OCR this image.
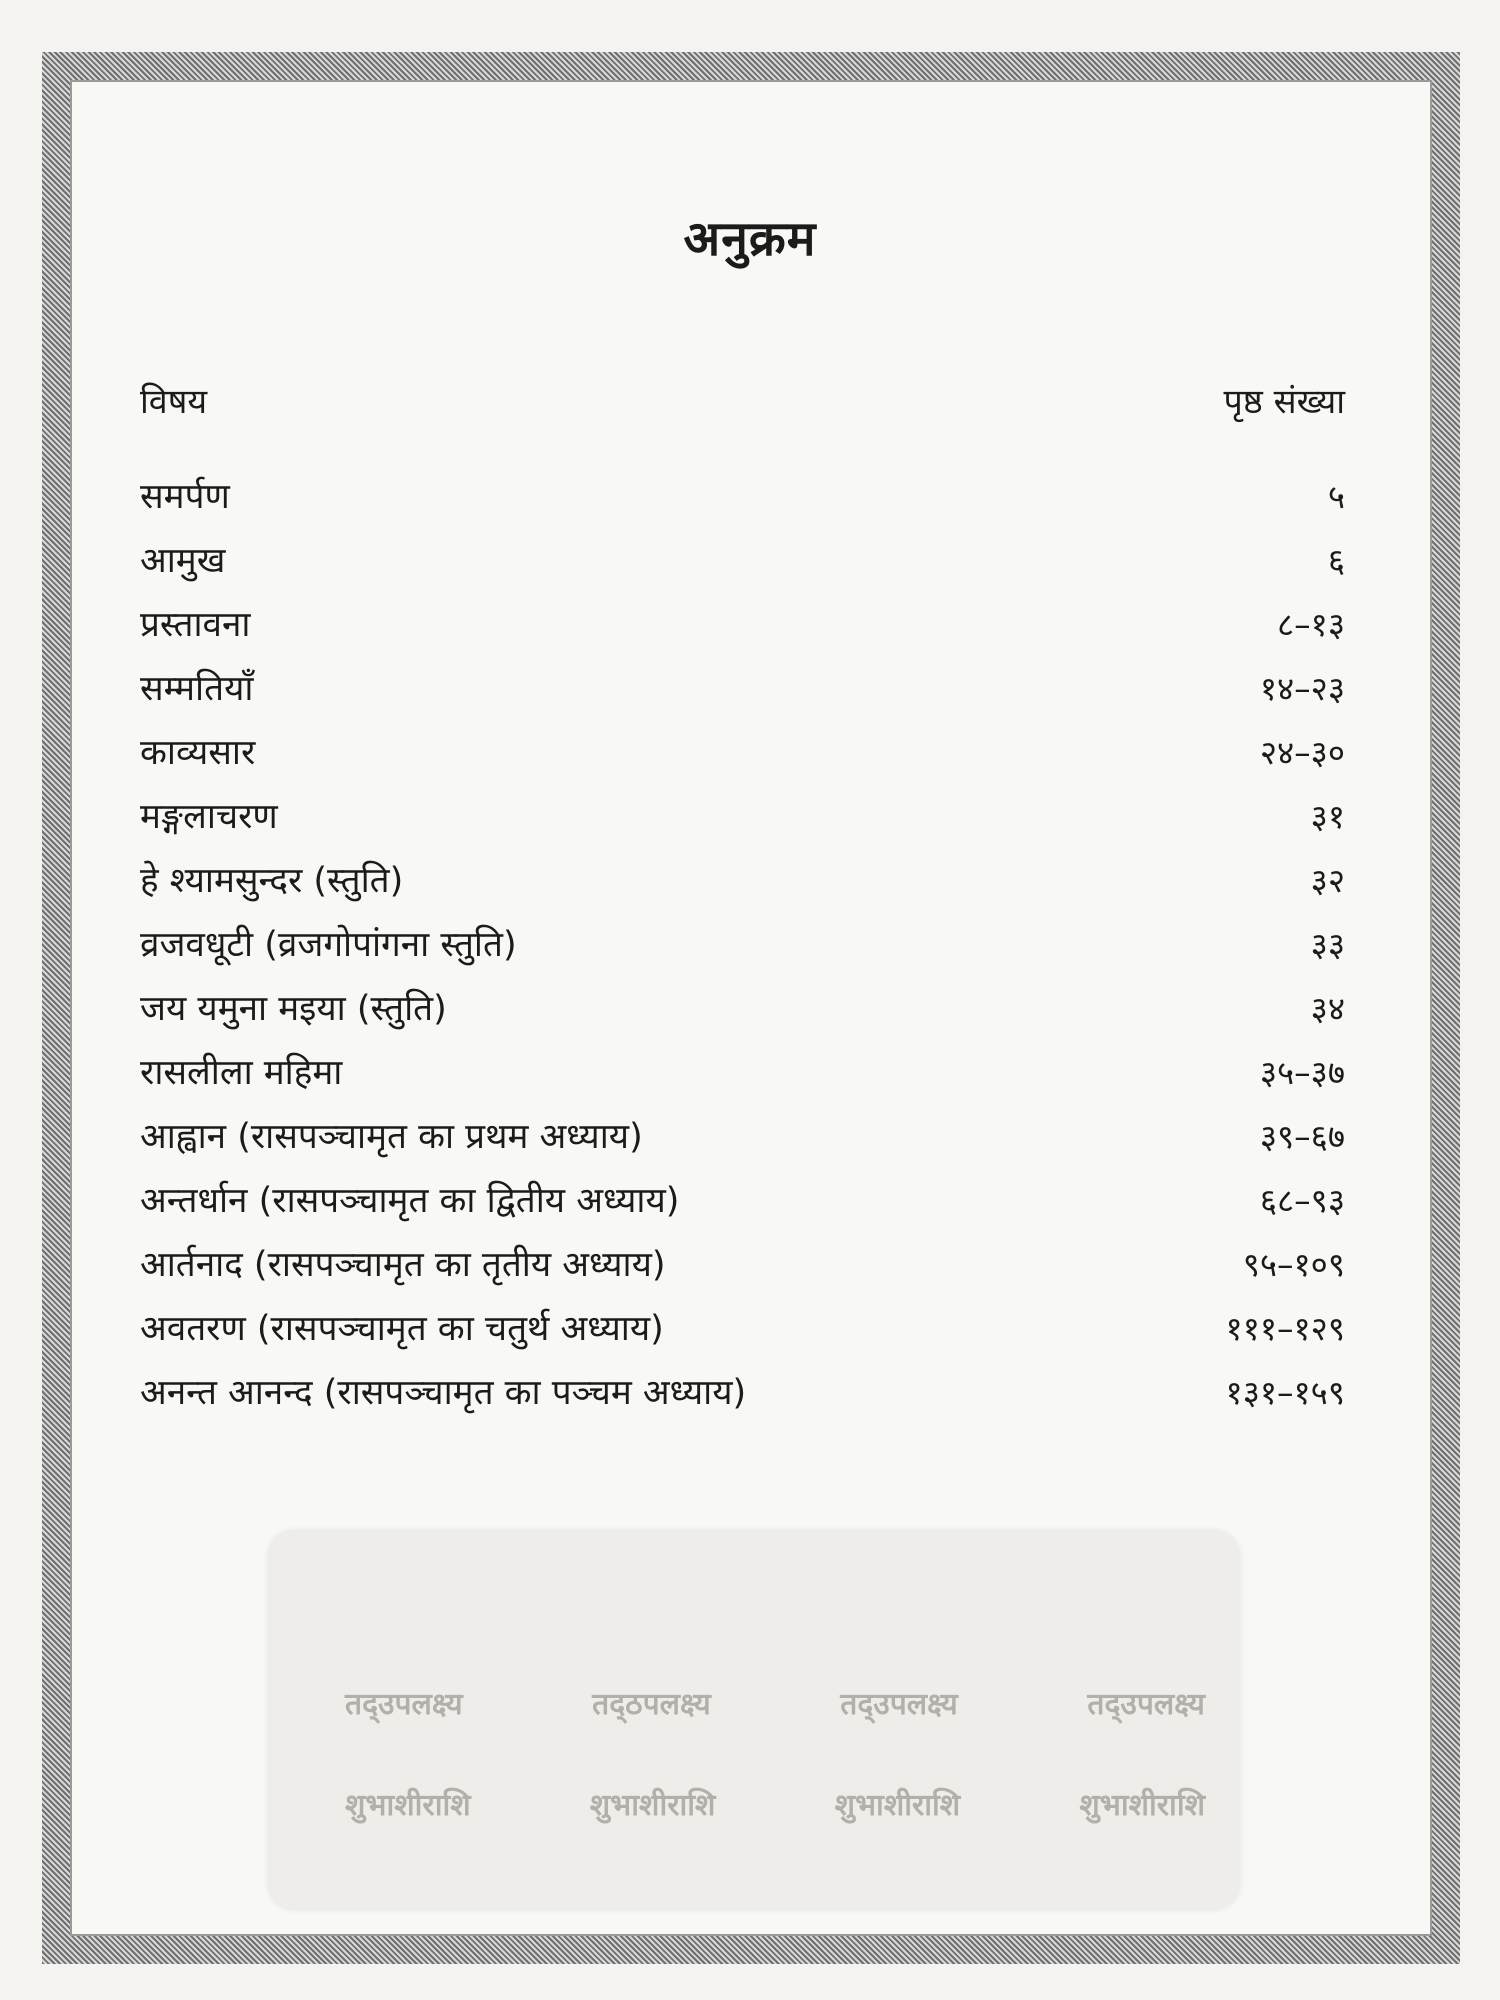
अनुक्रम
विषय	पृष्ठ संख्या
समर्पण	५
आमुख	६
प्रस्तावना	८–१३
सम्मतियाँ	१४–२३
काव्यसार	२४–३०
मङ्गलाचरण	३१
हे श्यामसुन्दर (स्तुति)	३२
व्रजवधूटी (व्रजगोपांगना स्तुति)	३३
जय यमुना मइया (स्तुति)	३४
रासलीला महिमा	३५–३७
आह्वान (रासपञ्चामृत का प्रथम अध्याय)	३९–६७
अन्तर्धान (रासपञ्चामृत का द्वितीय अध्याय)	६८–९३
आर्तनाद (रासपञ्चामृत का तृतीय अध्याय)	९५–१०९
अवतरण (रासपञ्चामृत का चतुर्थ अध्याय)	१११–१२९
अनन्त आनन्द (रासपञ्चामृत का पञ्चम अध्याय)	१३१–१५९
तद्उपलक्ष्य	तद्ठपलक्ष्य	तद्उपलक्ष्य	तद्उपलक्ष्य
शुभाशीराशि	शुभाशीराशि	शुभाशीराशि	शुभाशीराशि
